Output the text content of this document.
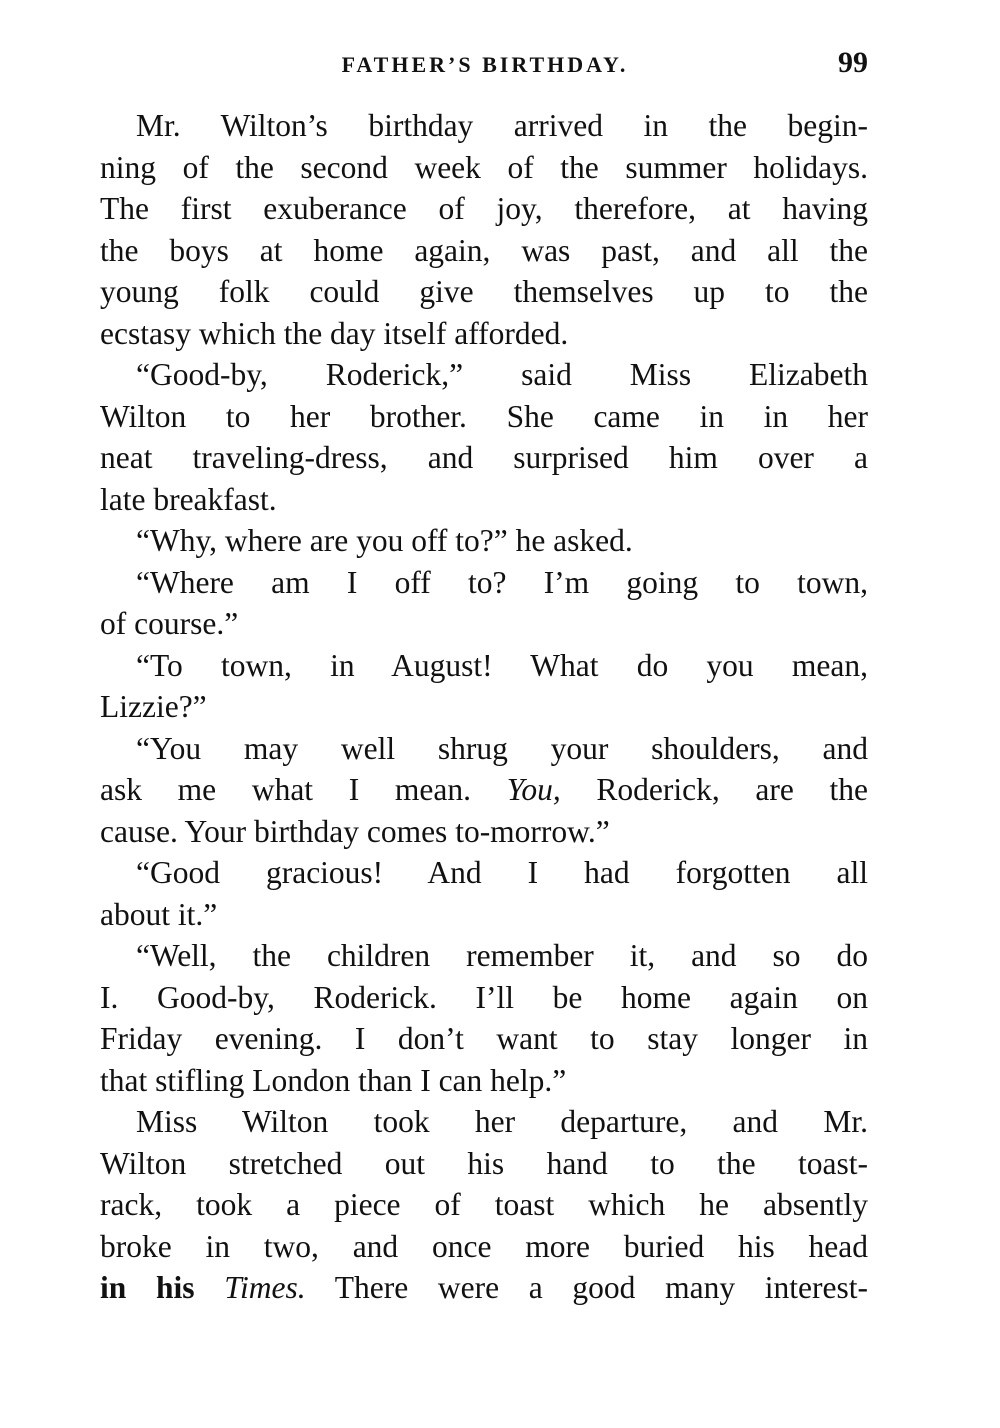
FATHER’S BIRTHDAY.	99

Mr. Wilton’s birthday arrived in the begin-
ning of the second week of the summer holidays.
The first exuberance of joy, therefore, at having
the boys at home again, was past, and all the
young folk could give themselves up to the
ecstasy which the day itself afforded.

“Good-by, Roderick,” said Miss Elizabeth
Wilton to her brother. She came in in her
neat traveling-dress, and surprised him over a
late breakfast.

“Why, where are you off to?” he asked.

“Where am I off to? I’m going to town,
of course.”

“To town, in August! What do you mean,
Lizzie?”

“You may well shrug your shoulders, and
ask me what I mean. You, Roderick, are the
cause. Your birthday comes to-morrow.”

“Good gracious! And I had forgotten all
about it.”

“Well, the children remember it, and so do
I. Good-by, Roderick. I’ll be home again on
Friday evening. I don’t want to stay longer in
that stifling London than I can help.”

Miss Wilton took her departure, and Mr.
Wilton stretched out his hand to the toast-
rack, took a piece of toast which he absently
broke in two, and once more buried his head
in his Times. There were a good many interest-
